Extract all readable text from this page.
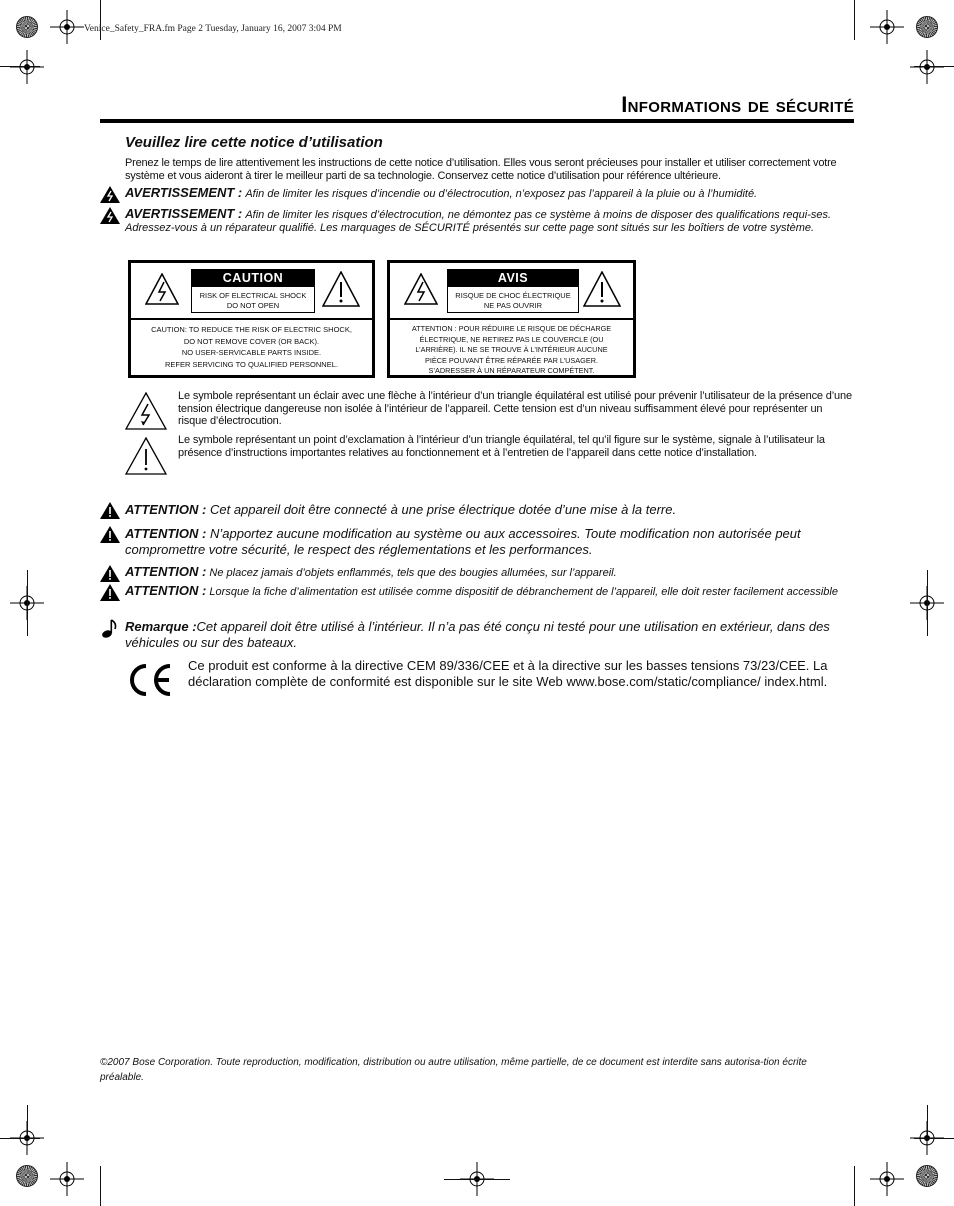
Venice_Safety_FRA.fm Page 2 Tuesday, January 16, 2007 3:04 PM
Informations de sécurité
Veuillez lire cette notice d’utilisation
Prenez le temps de lire attentivement les instructions de cette notice d’utilisation. Elles vous seront précieuses pour installer et utiliser correctement votre système et vous aideront à tirer le meilleur parti de sa technologie. Conservez cette notice d’utilisation pour référence ultérieure.
AVERTISSEMENT : Afin de limiter les risques d’incendie ou d’électrocution, n’exposez pas l’appareil à la pluie ou à l’humidité.
AVERTISSEMENT : Afin de limiter les risques d’électrocution, ne démontez pas ce système à moins de disposer des qualifications requi-ses. Adressez-vous à un réparateur qualifié. Les marquages de SÉCURITÉ présentés sur cette page sont situés sur les boîtiers de votre système.
CAUTION
RISK OF ELECTRICAL SHOCK
DO NOT OPEN
CAUTION: TO REDUCE THE RISK OF ELECTRIC SHOCK,
DO NOT REMOVE COVER (OR BACK).
NO USER-SERVICABLE PARTS INSIDE.
REFER SERVICING TO QUALIFIED PERSONNEL.
AVIS
RISQUE DE CHOC ÉLECTRIQUE
NE PAS OUVRIR
ATTENTION : POUR RÉDUIRE LE RISQUE DE DÉCHARGE
ÉLECTRIQUE, NE RETIREZ PAS LE COUVERCLE (OU
L’ARRIÈRE). IL NE SE TROUVE À L’INTÉRIEUR AUCUNE
PIÈCE POUVANT ÊTRE RÉPARÉE PAR L’USAGER.
S’ADRESSER À UN RÉPARATEUR COMPÉTENT.
Le symbole représentant un éclair avec une flèche à l’intérieur d’un triangle équilatéral est utilisé pour prévenir l’utilisateur de la présence d’une tension électrique dangereuse non isolée à l’intérieur de l’appareil. Cette tension est d’un niveau suffisamment élevé pour représenter un risque d’électrocution.
Le symbole représentant un point d’exclamation à l’intérieur d’un triangle équilatéral, tel qu’il figure sur le système, signale à l’utilisateur la présence d’instructions importantes relatives au fonctionnement et à l’entretien de l’appareil dans cette notice d’installation.
ATTENTION : Cet appareil doit être connecté à une prise électrique dotée d’une mise à la terre.
ATTENTION : N’apportez aucune modification au système ou aux accessoires. Toute modification non autorisée peut compromettre votre sécurité, le respect des réglementations et les performances.
ATTENTION : Ne placez jamais d’objets enflammés, tels que des bougies allumées, sur l’appareil.
ATTENTION : Lorsque la fiche d’alimentation est utilisée comme dispositif de débranchement de l’appareil, elle doit rester facilement accessible
Remarque :Cet appareil doit être utilisé à l’intérieur. Il n’a pas été conçu ni testé pour une utilisation en extérieur, dans des véhicules ou sur des bateaux.
Ce produit est conforme à la directive CEM 89/336/CEE et à la directive sur les basses tensions 73/23/CEE. La déclaration complète de conformité est disponible sur le site Web www.bose.com/static/compliance/ index.html.
©2007 Bose Corporation. Toute reproduction, modification, distribution ou autre utilisation, même partielle, de ce document est interdite sans autorisa-tion écrite préalable.
